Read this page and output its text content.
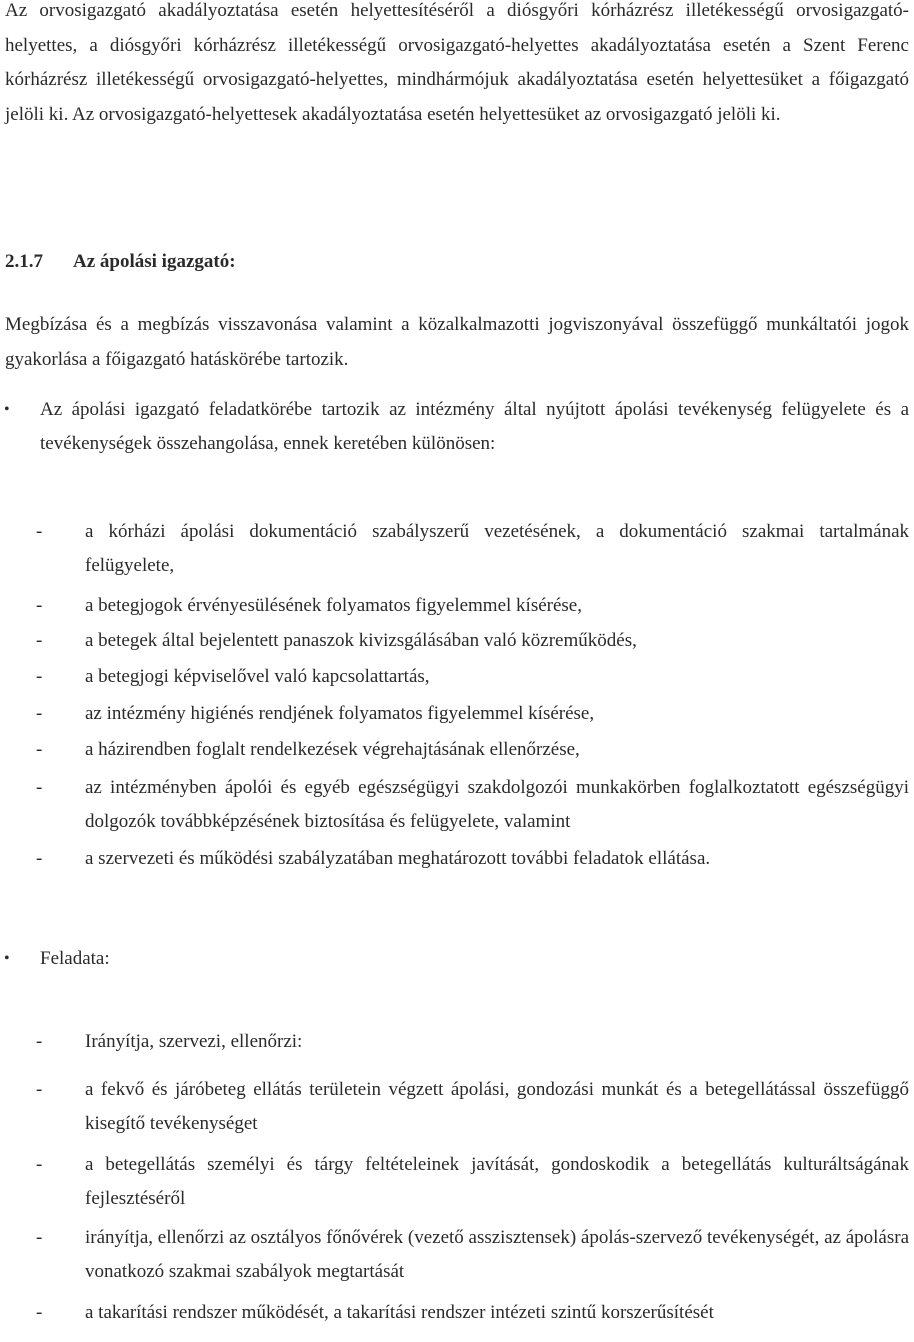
Az orvosigazgató akadályoztatása esetén helyettesítéséről a diósgyőri kórházrész illetékességű orvosigazgató-helyettes, a diósgyőri kórházrész illetékességű orvosigazgató-helyettes akadályoztatása esetén a Szent Ferenc kórházrész illetékességű orvosigazgató-helyettes, mindhármójuk akadályoztatása esetén helyettesüket a főigazgató jelöli ki. Az orvosigazgató-helyettesek akadályoztatása esetén helyettesüket az orvosigazgató jelöli ki.

2.1.7 Az ápolási igazgató:

Megbízása és a megbízás visszavonása valamint a közalkalmazotti jogviszonyával összefüggő munkáltatói jogok gyakorlása a főigazgató hatáskörébe tartozik.

• Az ápolási igazgató feladatkörébe tartozik az intézmény által nyújtott ápolási tevékenység felügyelete és a tevékenységek összehangolása, ennek keretében különösen:

- a kórházi ápolási dokumentáció szabályszerű vezetésének, a dokumentáció szakmai tartalmának felügyelete,

- a betegjogok érvényesülésének folyamatos figyelemmel kísérése,

- a betegek által bejelentett panaszok kivizsgálásában való közreműködés,

- a betegjogi képviselővel való kapcsolattartás,

- az intézmény higiénés rendjének folyamatos figyelemmel kísérése,

- a házirendben foglalt rendelkezések végrehajtásának ellenőrzése,

- az intézményben ápolói és egyéb egészségügyi szakdolgozói munkakörben foglalkoztatott egészségügyi dolgozók továbbképzésének biztosítása és felügyelete, valamint

- a szervezeti és működési szabályzatában meghatározott további feladatok ellátása.

• Feladata:

- Irányítja, szervezi, ellenőrzi:

- a fekvő és járóbeteg ellátás területein végzett ápolási, gondozási munkát és a betegellátással összefüggő kisegítő tevékenységet

- a betegellátás személyi és tárgy feltételeinek javítását, gondoskodik a betegellátás kulturáltságának fejlesztéséről

- irányítja, ellenőrzi az osztályos főnővérek (vezető asszisztensek) ápolás-szervező tevékenységét, az ápolásra vonatkozó szakmai szabályok megtartását

- a takarítási rendszer működését, a takarítási rendszer intézeti szintű korszerűsítését
